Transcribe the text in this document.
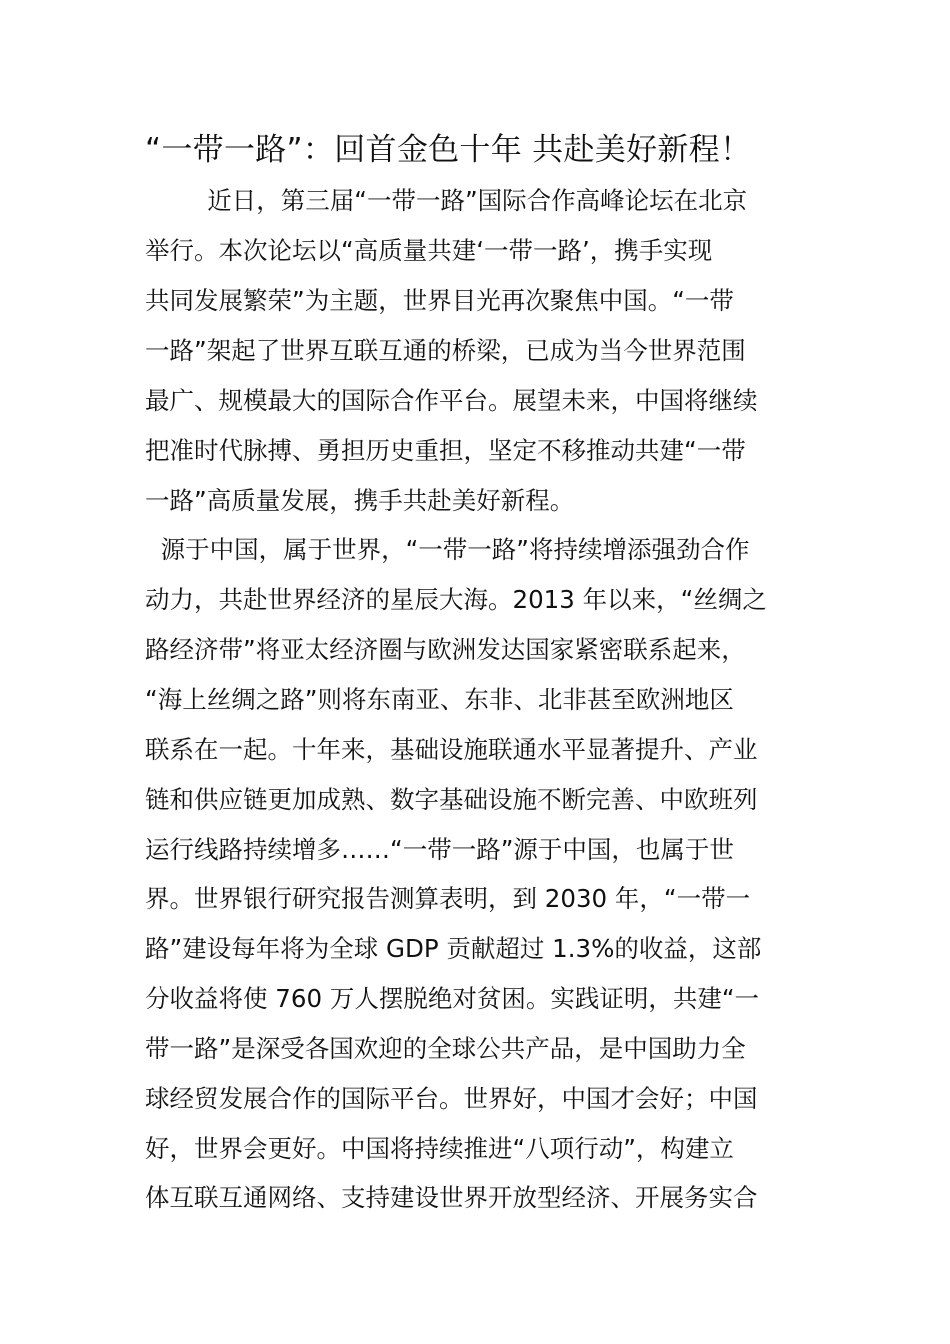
“一带一路”：回首金色十年 共赴美好新程！
近日，第三届“一带一路”国际合作高峰论坛在北京
举行。本次论坛以“高质量共建‘一带一路’，携手实现
共同发展繁荣”为主题，世界目光再次聚焦中国。“一带
一路”架起了世界互联互通的桥梁，已成为当今世界范围
最广、规模最大的国际合作平台。展望未来，中国将继续
把准时代脉搏、勇担历史重担，坚定不移推动共建“一带
一路”高质量发展，携手共赴美好新程。
源于中国，属于世界，“一带一路”将持续增添强劲合作
动力，共赴世界经济的星辰大海。2013 年以来，“丝绸之
路经济带”将亚太经济圈与欧洲发达国家紧密联系起来，
“海上丝绸之路”则将东南亚、东非、北非甚至欧洲地区
联系在一起。十年来，基础设施联通水平显著提升、产业
链和供应链更加成熟、数字基础设施不断完善、中欧班列
运行线路持续增多……“一带一路”源于中国，也属于世
界。世界银行研究报告测算表明，到 2030 年，“一带一
路”建设每年将为全球 GDP 贡献超过 1.3%的收益，这部
分收益将使 760 万人摆脱绝对贫困。实践证明，共建“一
带一路”是深受各国欢迎的全球公共产品，是中国助力全
球经贸发展合作的国际平台。世界好，中国才会好；中国
好，世界会更好。中国将持续推进“八项行动”，构建立
体互联互通网络、支持建设世界开放型经济、开展务实合
